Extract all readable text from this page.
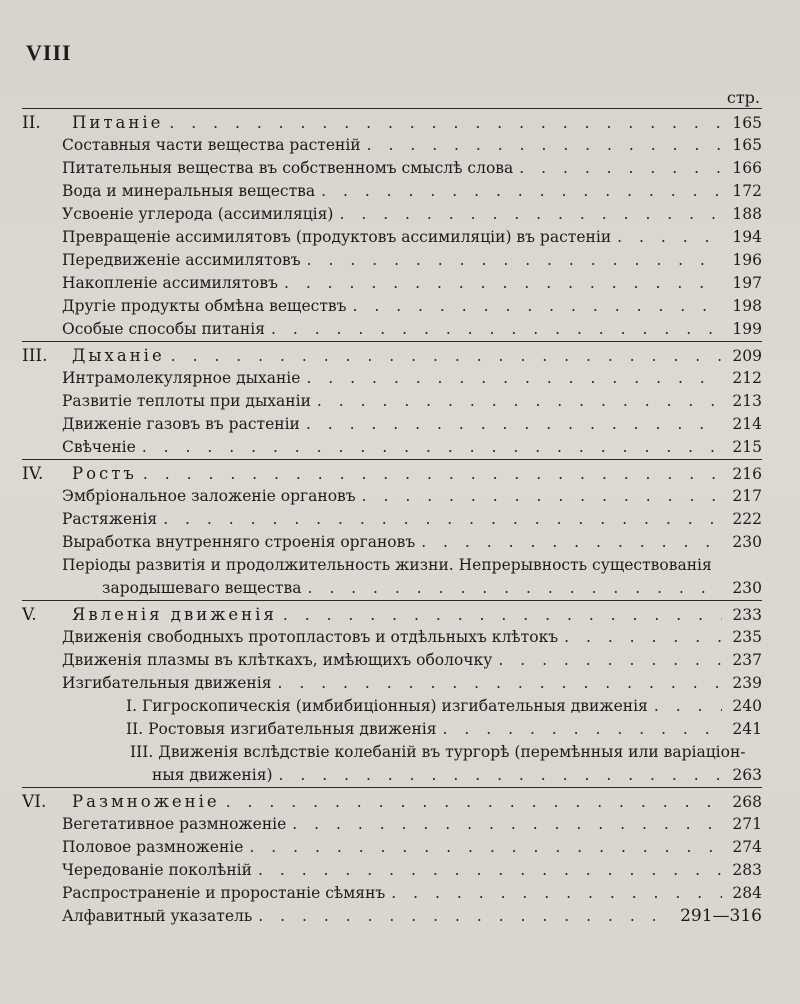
VIII
стр.
II. Питаніе . . .	165
Составныя части вещества растеній . . .	165
Питательныя вещества въ собственномъ смыслѣ слова . . .	166
Вода и минеральныя вещества . . .	172
Усвоеніе углерода (ассимиляція) . . .	188
Превращеніе ассимилятовъ (продуктовъ ассимиляціи) въ растеніи . . .	194
Передвиженіе ассимилятовъ . . .	196
Накопленіе ассимилятовъ . . .	197
Другіе продукты обмѣна веществъ . . .	198
Особые способы питанія . . .	199
III. Дыханіе . . .	209
Интрамолекулярное дыханіе . . .	212
Развитіе теплоты при дыханіи . . .	213
Движеніе газовъ въ растеніи . . .	214
Свѣченіе . . .	215
IV. Ростъ . . .	216
Эмбріональное заложеніе органовъ . . .	217
Растяженія . . .	222
Выработка внутренняго строенія органовъ . . .	230
Періоды развитія и продолжительность жизни. Непрерывность существованія
зародышеваго вещества . . .	230
V. Явленія движенія . . .	233
Движенія свободныхъ протопластовъ и отдѣльныхъ клѣтокъ . . .	235
Движенія плазмы въ клѣткахъ, имѣющихъ оболочку . . .	237
Изгибательныя движенія . . .	239
I. Гигроскопическія (имбибиціонныя) изгибательныя движенія . . .	240
II. Ростовыя изгибательныя движенія . . .	241
III. Движенія вслѣдствіе колебаній въ тургорѣ (перемѣнныя или варіаціон-
ныя движенія) . . .	263
VI. Размноженіе . . .	268
Вегетативное размноженіе . . .	271
Половое размноженіе . . .	274
Чередованіе поколѣній . . .	283
Распространеніе и проростаніе сѣмянъ . . .	284
Алфавитный указатель . . .	291—316
